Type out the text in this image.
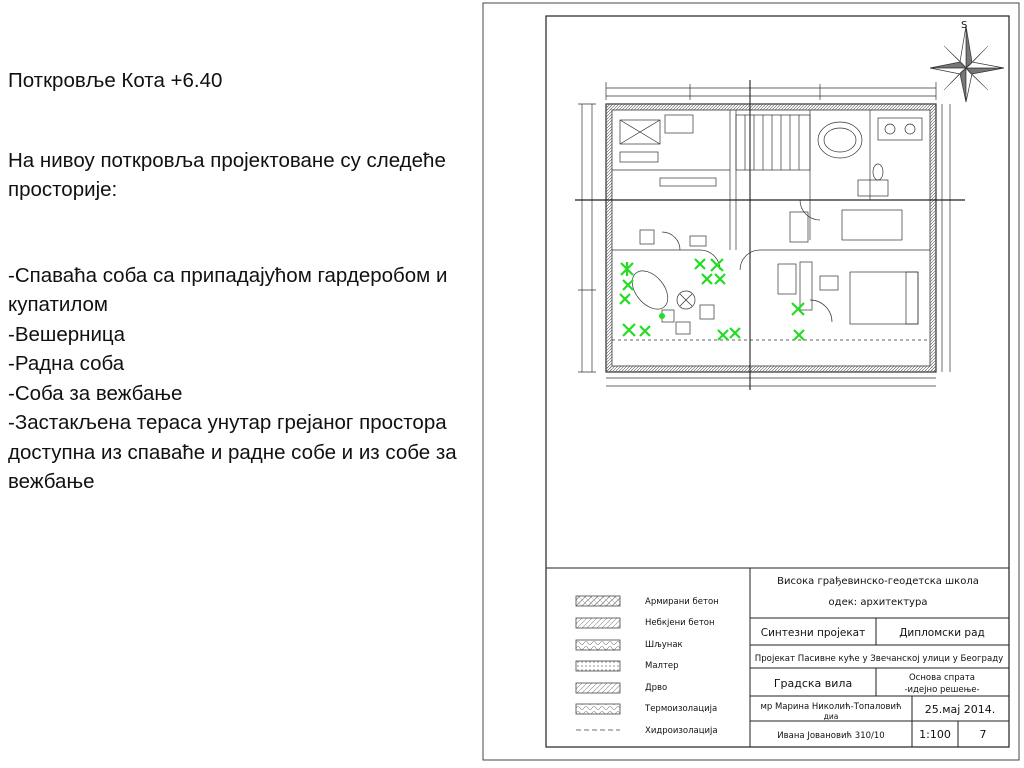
Поткровље Кота +6.40

На нивоу поткровља пројектоване су следеће просторије:

-Спаваћа соба са припадајућом гардеробом и купатилом

-Вешерница

-Радна соба

-Соба за вежбање

-Застакљена тераса унутар грејаног простора доступна из спаваће и радне собе и из собе за вежбање

S
Армирани бетон
Небкјени бетон
Шљунак
Малтер
Дрво
Термоизолација
Хидроизолација
Висока грађевинско-геодетска школа
одек: архитектура
Синтезни пројекат	Дипломски рад
Пројекат Пасивне куће у Звечанској улици у Београду
Градска вила	Основа спрата
-идејно решење-
мр Марина Николић-Топаловић
диа
25.мај 2014.
Ивана Јовановић 310/10	1:100	7
